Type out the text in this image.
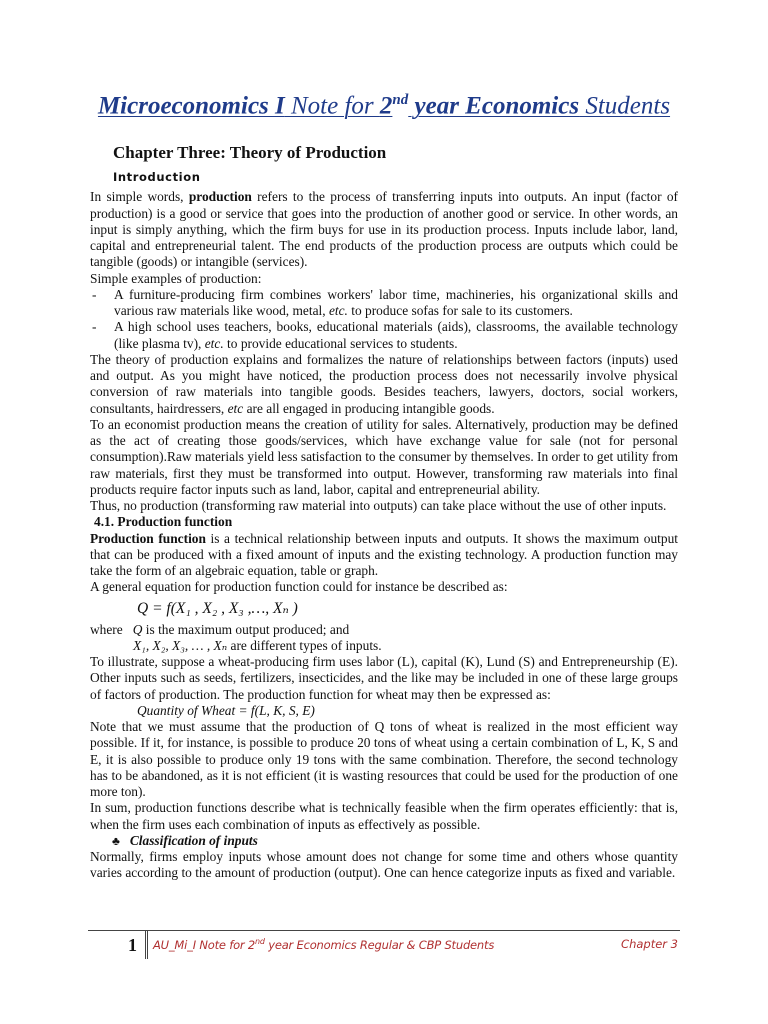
Microeconomics I Note for 2nd year Economics Students

Chapter Three: Theory of Production

Introduction

In simple words, production refers to the process of transferring inputs into outputs. An input (factor of production) is a good or service that goes into the production of another good or service. In other words, an input is simply anything, which the firm buys for use in its production process. Inputs include labor, land, capital and entrepreneurial talent. The end products of the production process are outputs which could be tangible (goods) or intangible (services).

Simple examples of production:

-	A furniture-producing firm combines workers' labor time, machineries, his organizational skills and various raw materials like wood, metal, etc. to produce sofas for sale to its customers.
-	A high school uses teachers, books, educational materials (aids), classrooms, the available technology (like plasma tv), etc. to provide educational services to students.

The theory of production explains and formalizes the nature of relationships between factors (inputs) used and output. As you might have noticed, the production process does not necessarily involve physical conversion of raw materials into tangible goods. Besides teachers, lawyers, doctors, social workers, consultants, hairdressers, etc are all engaged in producing intangible goods.

To an economist production means the creation of utility for sales. Alternatively, production may be defined as the act of creating those goods/services, which have exchange value for sale (not for personal consumption).Raw materials yield less satisfaction to the consumer by themselves. In order to get utility from raw materials, first they must be transformed into output. However, transforming raw materials into final products require factor inputs such as land, labor, capital and entrepreneurial ability.

Thus, no production (transforming raw material into outputs) can take place without the use of other inputs.

4.1. Production function

Production function is a technical relationship between inputs and outputs. It shows the maximum output that can be produced with a fixed amount of inputs and the existing technology. A production function may take the form of an algebraic equation, table or graph.

A general equation for production function could for instance be described as:

Q = f(X₁ , X₂ , X₃ ,…, Xₙ )

where   Q is the maximum output produced; and

X₁, X₂, X₃, … , Xₙ are different types of inputs.

To illustrate, suppose a wheat-producing firm uses labor (L), capital (K), Lund (S) and Entrepreneurship (E). Other inputs such as seeds, fertilizers, insecticides, and the like may be included in one of these large groups of factors of production. The production function for wheat may then be expressed as:

Quantity of Wheat = f(L, K, S, E)

Note that we must assume that the production of Q tons of wheat is realized in the most efficient way possible. If it, for instance, is possible to produce 20 tons of wheat using a certain combination of L, K, S and E, it is also possible to produce only 19 tons with the same combination. Therefore, the second technology has to be abandoned, as it is not efficient (it is wasting resources that could be used for the production of one more ton).

In sum, production functions describe what is technically feasible when the firm operates efficiently: that is, when the firm uses each combination of inputs as effectively as possible.

♣ Classification of inputs

Normally, firms employ inputs whose amount does not change for some time and others whose quantity varies according to the amount of production (output). One can hence categorize inputs as fixed and variable.

1 AU_Mi_I Note for 2nd year Economics Regular & CBP Students	Chapter 3
